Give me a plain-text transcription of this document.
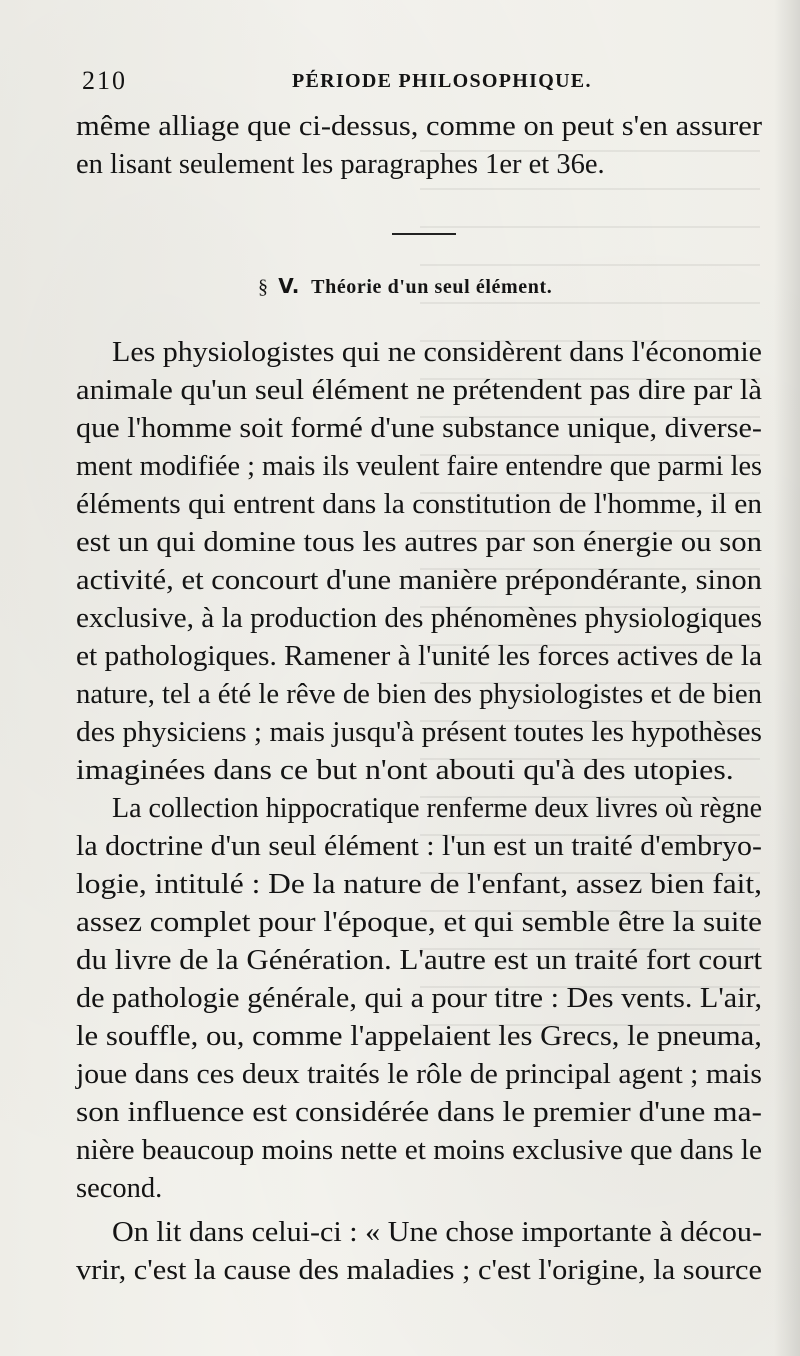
210	PÉRIODE PHILOSOPHIQUE.
même alliage que ci-dessus, comme on peut s'en assurer
en lisant seulement les paragraphes 1er et 36e.
§ V. Théorie d'un seul élément.
Les physiologistes qui ne considèrent dans l'économie
animale qu'un seul élément ne prétendent pas dire par là
que l'homme soit formé d'une substance unique, diverse-
ment modifiée ; mais ils veulent faire entendre que parmi les
éléments qui entrent dans la constitution de l'homme, il en
est un qui domine tous les autres par son énergie ou son
activité, et concourt d'une manière prépondérante, sinon
exclusive, à la production des phénomènes physiologiques
et pathologiques. Ramener à l'unité les forces actives de la
nature, tel a été le rêve de bien des physiologistes et de bien
des physiciens ; mais jusqu'à présent toutes les hypothèses
imaginées dans ce but n'ont abouti qu'à des utopies.
La collection hippocratique renferme deux livres où règne
la doctrine d'un seul élément : l'un est un traité d'embryo-
logie, intitulé : De la nature de l'enfant, assez bien fait,
assez complet pour l'époque, et qui semble être la suite
du livre de la Génération. L'autre est un traité fort court
de pathologie générale, qui a pour titre : Des vents. L'air,
le souffle, ou, comme l'appelaient les Grecs, le pneuma,
joue dans ces deux traités le rôle de principal agent ; mais
son influence est considérée dans le premier d'une ma-
nière beaucoup moins nette et moins exclusive que dans le
second.
On lit dans celui-ci : « Une chose importante à décou-
vrir, c'est la cause des maladies ; c'est l'origine, la source
